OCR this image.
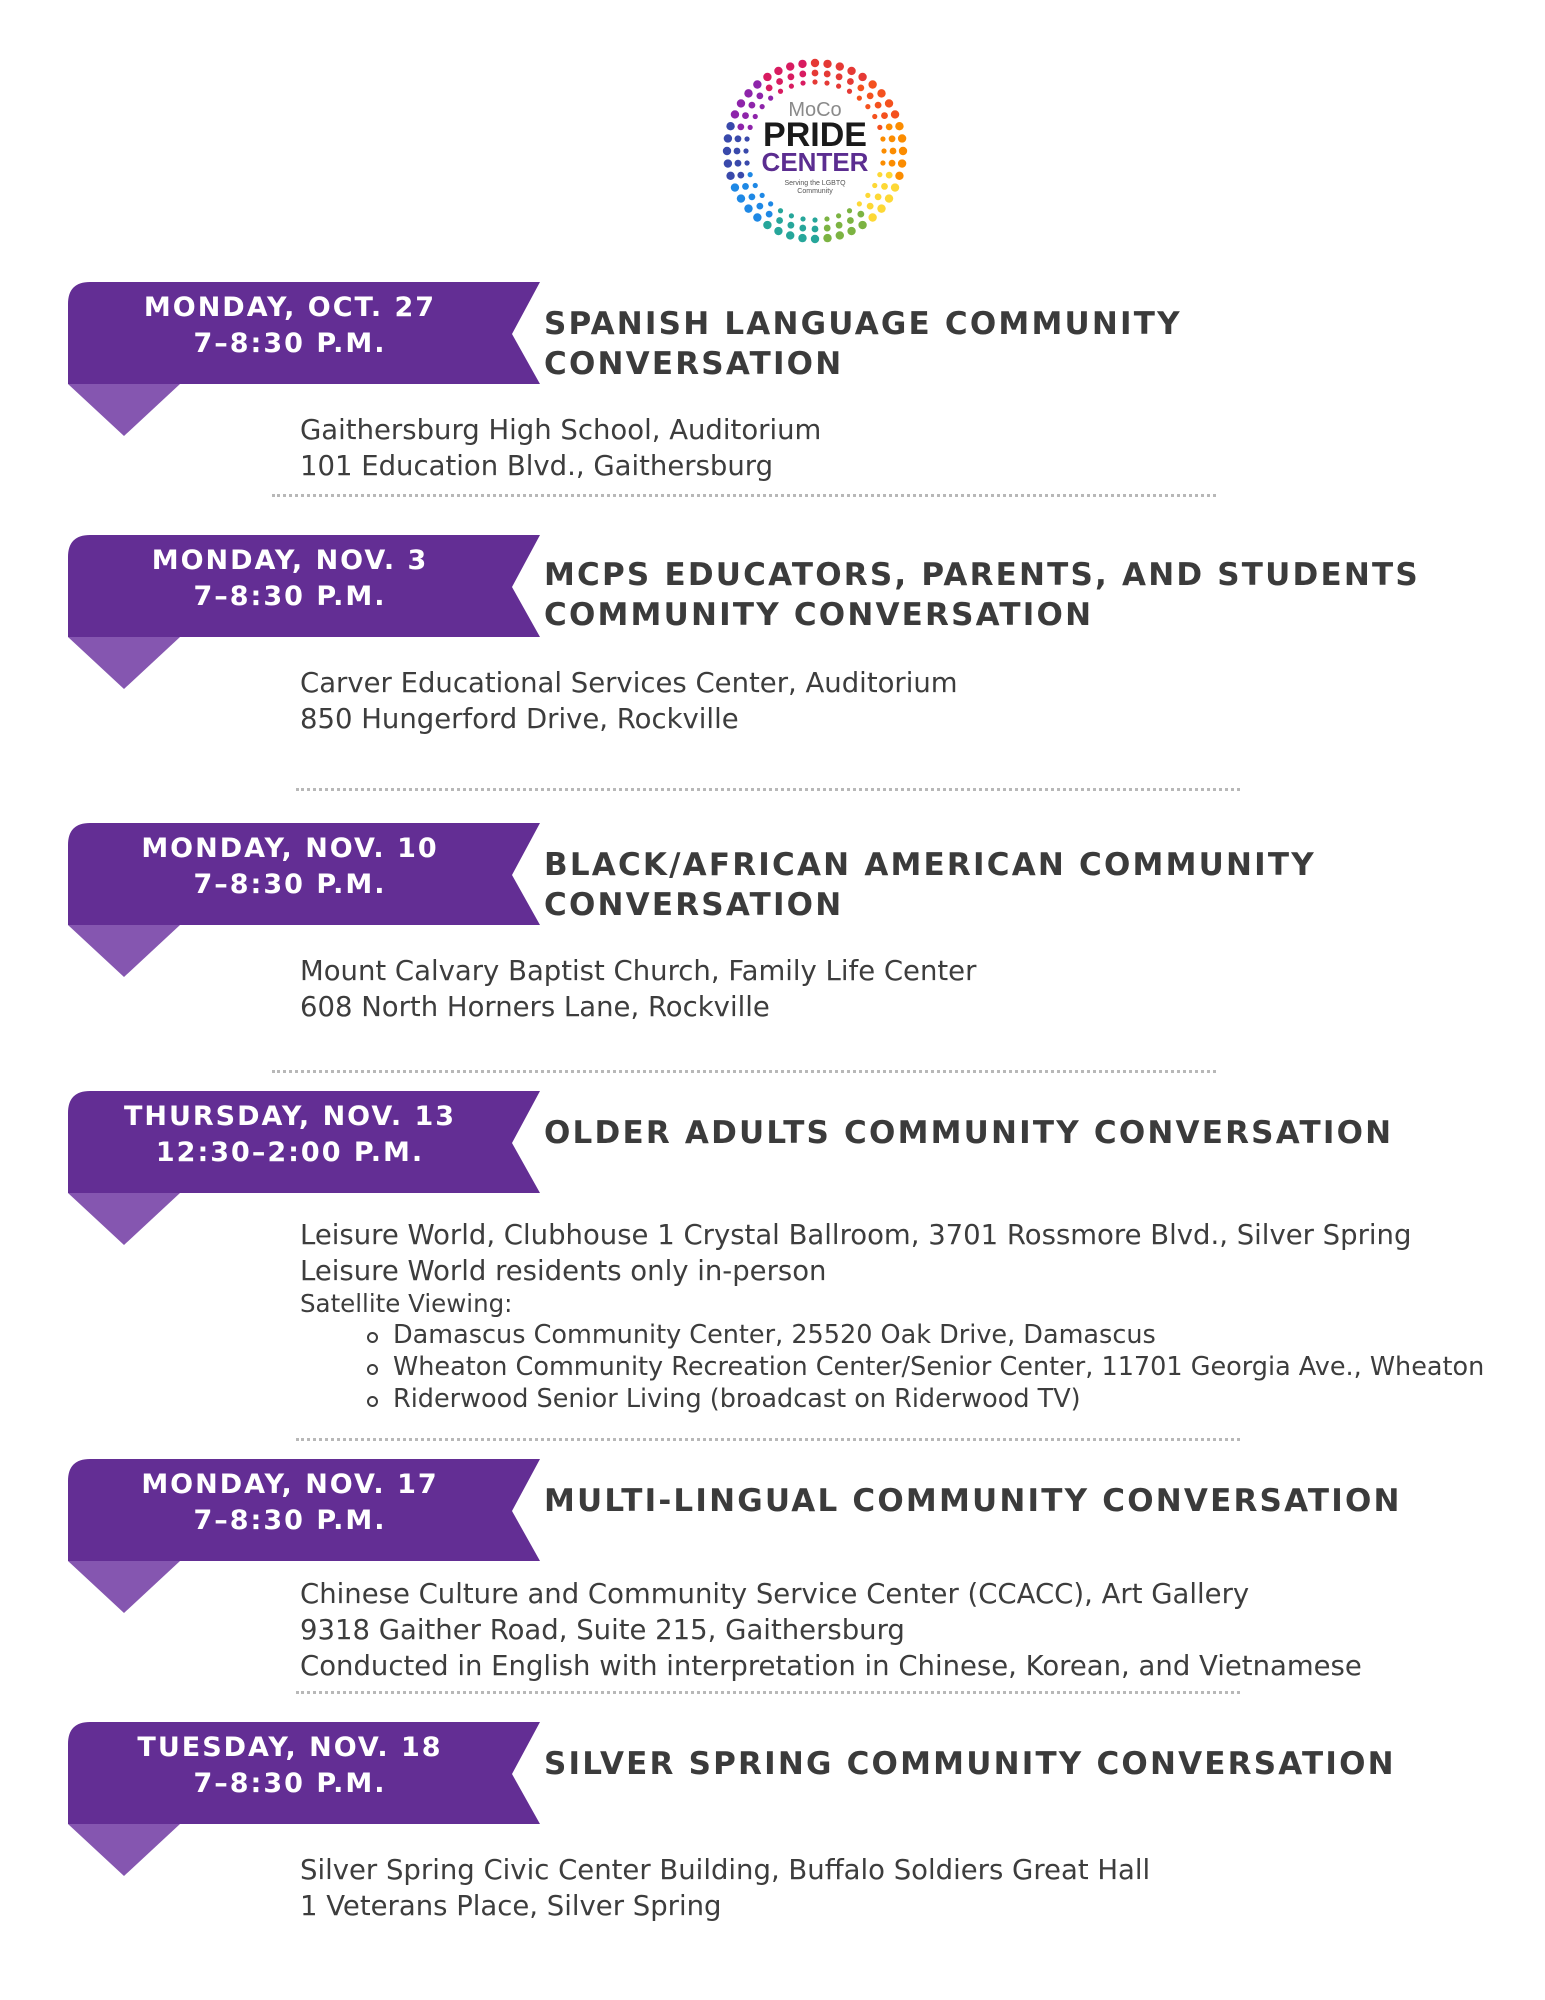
MoCo
PRIDE
CENTER
Serving the LGBTQ
Community
MONDAY, OCT. 27
7–8:30 P.M.
SPANISH LANGUAGE COMMUNITY CONVERSATION
Gaithersburg High School, Auditorium
101 Education Blvd., Gaithersburg
MONDAY, NOV. 3
7–8:30 P.M.
MCPS EDUCATORS, PARENTS, AND STUDENTS
COMMUNITY CONVERSATION
Carver Educational Services Center, Auditorium
850 Hungerford Drive, Rockville
MONDAY, NOV. 10
7–8:30 P.M.
BLACK/AFRICAN AMERICAN COMMUNITY
CONVERSATION
Mount Calvary Baptist Church, Family Life Center
608 North Horners Lane, Rockville
THURSDAY, NOV. 13
12:30–2:00 P.M.
OLDER ADULTS COMMUNITY CONVERSATION
Leisure World, Clubhouse 1 Crystal Ballroom, 3701 Rossmore Blvd., Silver Spring
Leisure World residents only in-person
Satellite Viewing:
Damascus Community Center, 25520 Oak Drive, Damascus
Wheaton Community Recreation Center/Senior Center, 11701 Georgia Ave., Wheaton
Riderwood Senior Living (broadcast on Riderwood TV)
MONDAY, NOV. 17
7–8:30 P.M.
MULTI-LINGUAL COMMUNITY CONVERSATION
Chinese Culture and Community Service Center (CCACC), Art Gallery
9318 Gaither Road, Suite 215, Gaithersburg
Conducted in English with interpretation in Chinese, Korean, and Vietnamese
TUESDAY, NOV. 18
7–8:30 P.M.
SILVER SPRING COMMUNITY CONVERSATION
Silver Spring Civic Center Building, Buffalo Soldiers Great Hall
1 Veterans Place, Silver Spring
